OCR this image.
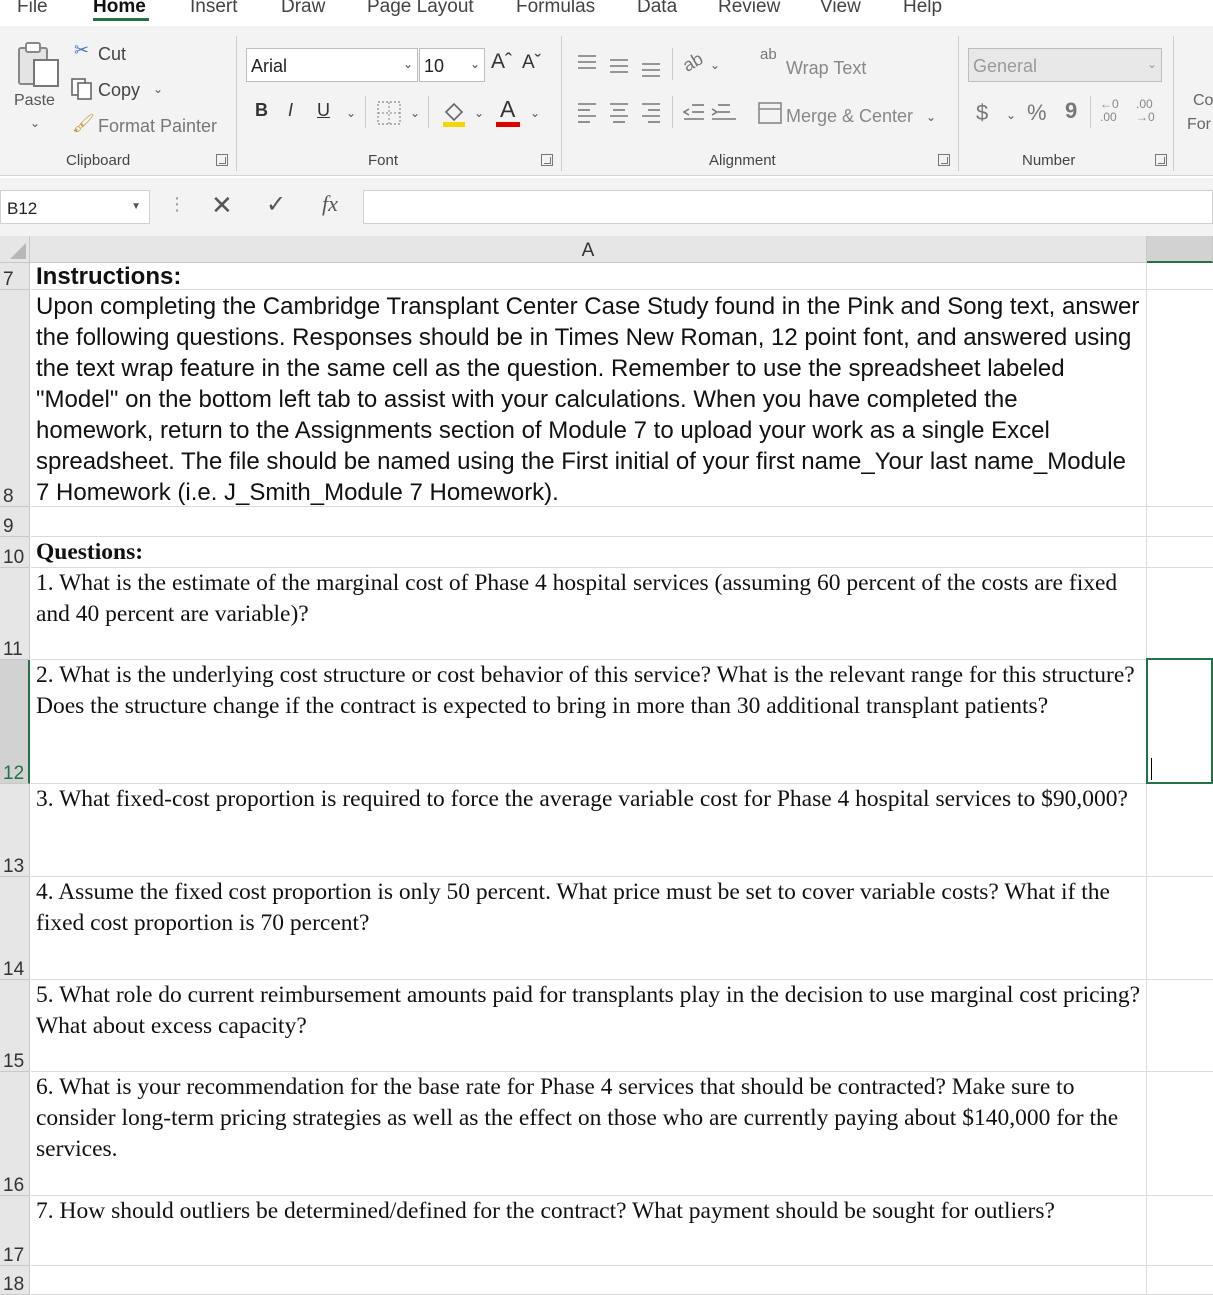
File Home Insert Draw Page Layout Formulas Data Review View Help
Paste
⌄
✂ Cut
Copy ⌄
🖌 Format Painter
Clipboard
Arial	⌄ 10 ⌄ Aˆ Aˇ
B I U ⌄	⌄	⌄ A ⌄
Font
ab ⌄
ab
Wrap Text
Merge & Center ⌄
Alignment
General	⌄
$ ⌄ % 9 ←0
.00
.00
→0
Number
Co
For
B12	▼ ⋮ ✕ ✓ fx
A
7 Instructions:
8
Upon completing the Cambridge Transplant Center Case Study found in the Pink and Song text, answer the following questions. Responses should be in Times New Roman, 12 point font, and answered using the text wrap feature in the same cell as the question. Remember to use the spreadsheet labeled "Model" on the bottom left tab to assist with your calculations. When you have completed the homework, return to the Assignments section of Module 7 to upload your work as a single Excel spreadsheet. The file should be named using the First initial of your first name_Your last name_Module 7 Homework (i.e. J_Smith_Module 7 Homework).
9
10 Questions:
11
1. What is the estimate of the marginal cost of Phase 4 hospital services (assuming 60 percent of the costs are fixed and 40 percent are variable)?
12
2. What is the underlying cost structure or cost behavior of this service? What is the relevant range for this structure? Does the structure change if the contract is expected to bring in more than 30 additional transplant patients?
13
3. What fixed-cost proportion is required to force the average variable cost for Phase 4 hospital services to $90,000?
14
4. Assume the fixed cost proportion is only 50 percent. What price must be set to cover variable costs? What if the fixed cost proportion is 70 percent?
15
5. What role do current reimbursement amounts paid for transplants play in the decision to use marginal cost pricing? What about excess capacity?
16
6. What is your recommendation for the base rate for Phase 4 services that should be contracted? Make sure to consider long-term pricing strategies as well as the effect on those who are currently paying about $140,000 for the services.
17
7. How should outliers be determined/defined for the contract? What payment should be sought for outliers?
18
